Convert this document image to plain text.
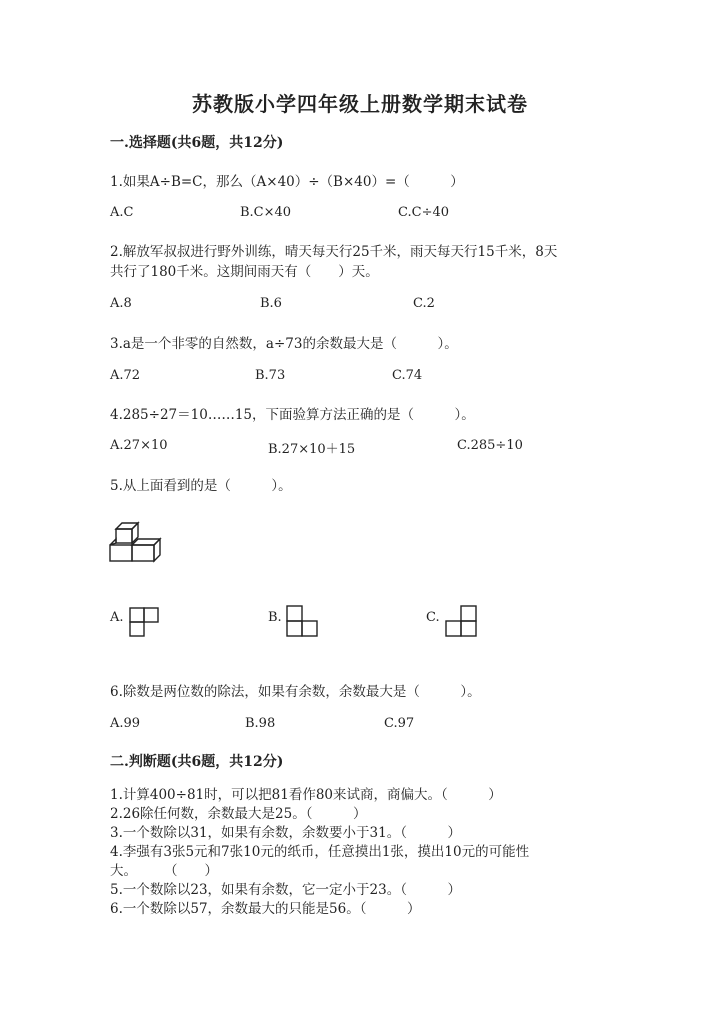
苏教版小学四年级上册数学期末试卷
一.选择题(共6题，共12分)
1.如果A÷B=C，那么（A×40）÷（B×40）=（　　　）
A.C	B.C×40	C.C÷40
2.解放军叔叔进行野外训练，晴天每天行25千米，雨天每天行15千米，8天
共行了180千米。这期间雨天有（　　）天。
A.8	B.6	C.2
3.a是一个非零的自然数，a÷73的余数最大是（　　　）。
A.72	B.73	C.74
4.285÷27＝10……15，下面验算方法正确的是（　　　）。
A.27×10	B.27×10＋15	C.285÷10
5.从上面看到的是（　　　）。
A.	B.	C.
6.除数是两位数的除法，如果有余数，余数最大是（　　　）。
A.99	B.98	C.97
二.判断题(共6题，共12分)
1.计算400÷81时，可以把81看作80来试商，商偏大。（　　　）
2.26除任何数，余数最大是25。（　　　）
3.一个数除以31，如果有余数，余数要小于31。（　　　）
4.李强有3张5元和7张10元的纸币，任意摸出1张，摸出10元的可能性
大。　　　（　　）
5.一个数除以23，如果有余数，它一定小于23。（　　　）
6.一个数除以57，余数最大的只能是56。（　　　）
